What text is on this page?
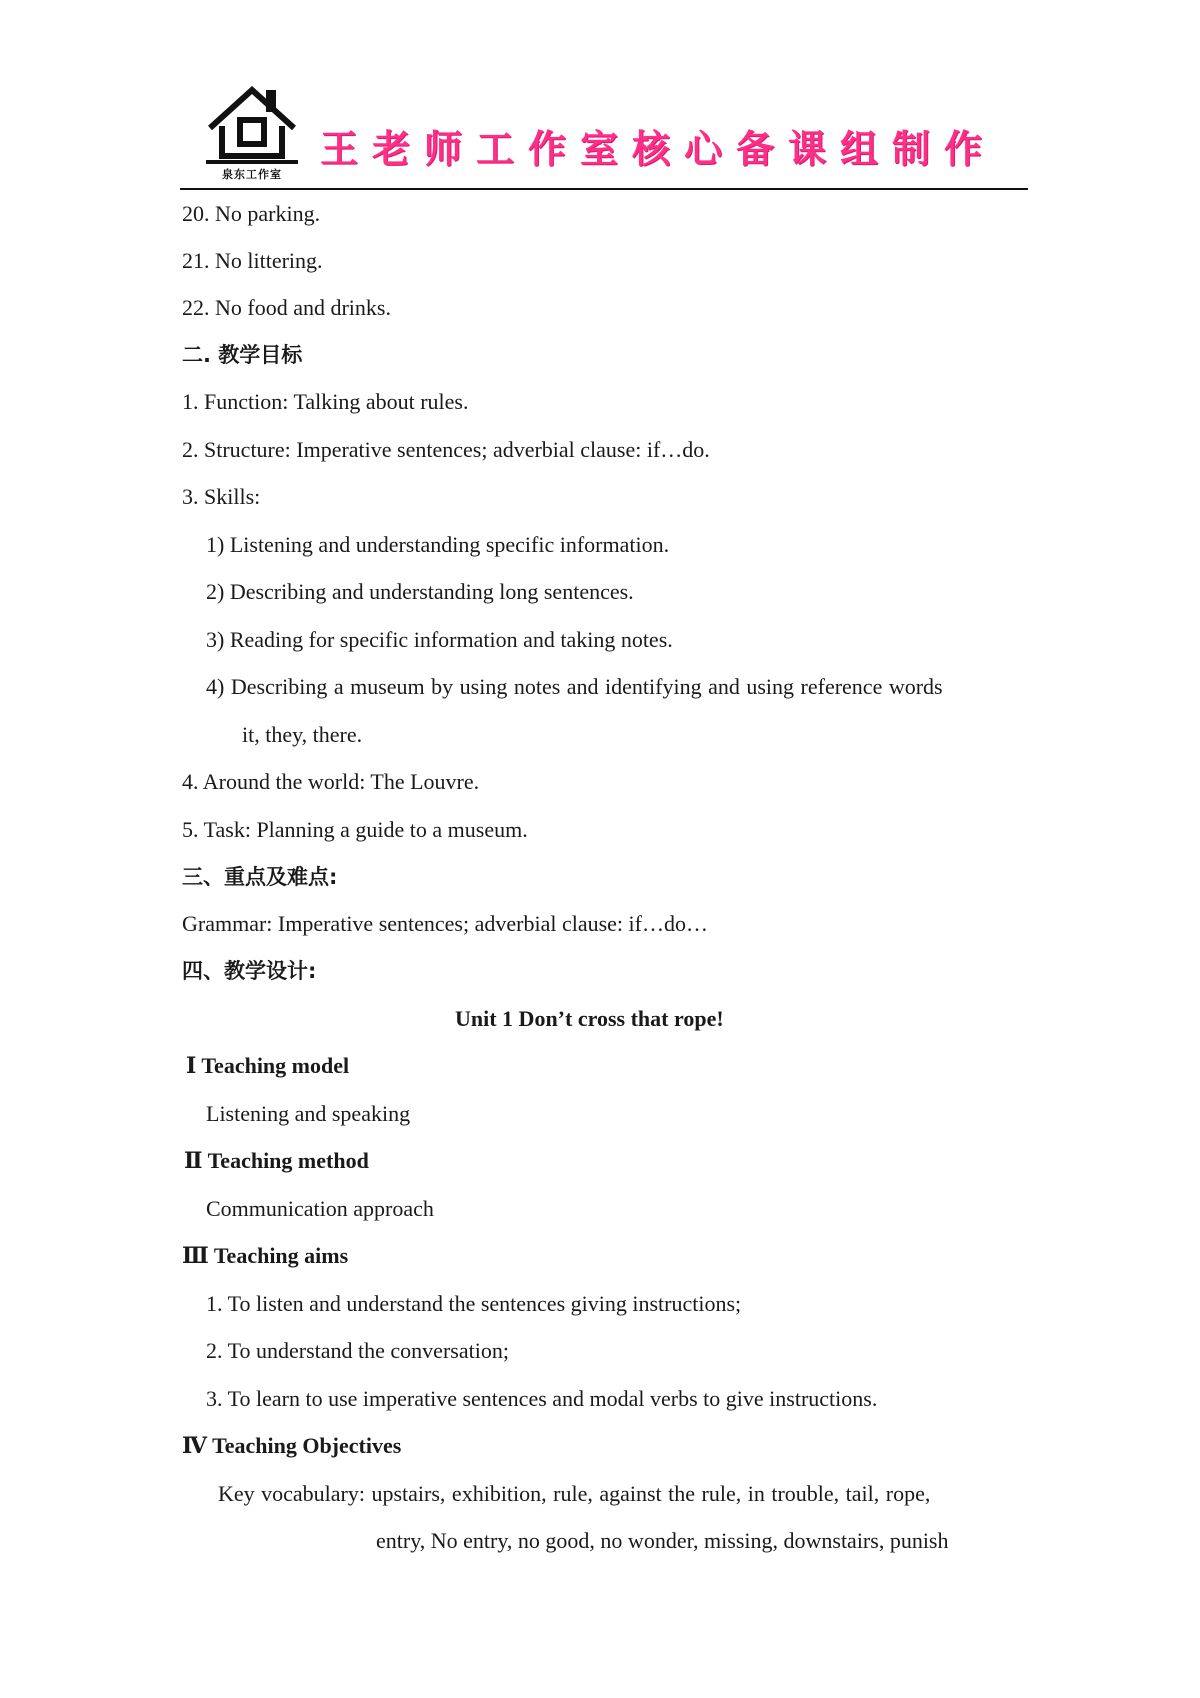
泉东工作室
王老师工作室核心备课组制作
20. No parking.
21. No littering.
22. No food and drinks.
二. 教学目标
1. Function: Talking about rules.
2. Structure: Imperative sentences; adverbial clause: if…do.
3. Skills:
1) Listening and understanding specific information.
2) Describing and understanding long sentences.
3) Reading for specific information and taking notes.
4) Describing a museum by using notes and identifying and using reference words
it, they, there.
4. Around the world: The Louvre.
5. Task: Planning a guide to a museum.
三、重点及难点:
Grammar: Imperative sentences; adverbial clause: if…do…
四、教学设计:
Unit 1 Don’t cross that rope!
Ⅰ Teaching model
Listening and speaking
Ⅱ Teaching method
Communication approach
Ⅲ Teaching aims
1. To listen and understand the sentences giving instructions;
2. To understand the conversation;
3. To learn to use imperative sentences and modal verbs to give instructions.
Ⅳ Teaching Objectives
Key vocabulary: upstairs, exhibition, rule, against the rule, in trouble, tail, rope,
entry, No entry, no good, no wonder, missing, downstairs, punish
